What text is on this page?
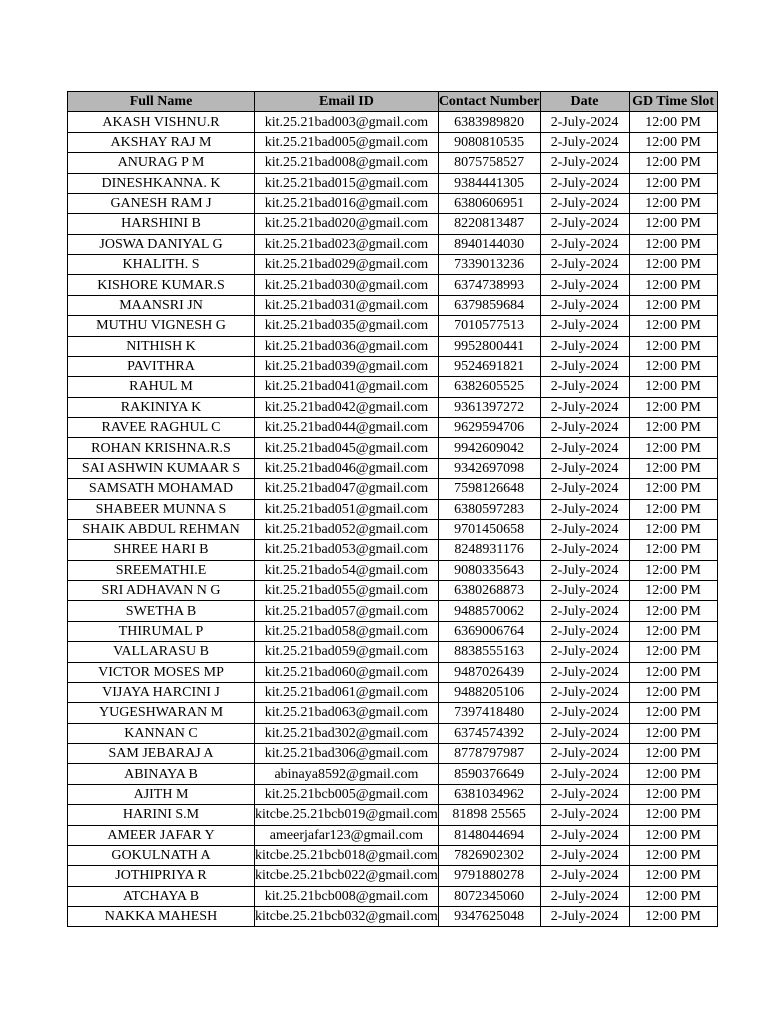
Full Name	Email ID	Contact Number	Date	GD Time Slot
AKASH VISHNU.R	kit.25.21bad003@gmail.com	6383989820	2-July-2024	12:00 PM
AKSHAY RAJ M	kit.25.21bad005@gmail.com	9080810535	2-July-2024	12:00 PM
ANURAG P M	kit.25.21bad008@gmail.com	8075758527	2-July-2024	12:00 PM
DINESHKANNA. K	kit.25.21bad015@gmail.com	9384441305	2-July-2024	12:00 PM
GANESH RAM J	kit.25.21bad016@gmail.com	6380606951	2-July-2024	12:00 PM
HARSHINI B	kit.25.21bad020@gmail.com	8220813487	2-July-2024	12:00 PM
JOSWA DANIYAL G	kit.25.21bad023@gmail.com	8940144030	2-July-2024	12:00 PM
KHALITH. S	kit.25.21bad029@gmail.com	7339013236	2-July-2024	12:00 PM
KISHORE KUMAR.S	kit.25.21bad030@gmail.com	6374738993	2-July-2024	12:00 PM
MAANSRI JN	kit.25.21bad031@gmail.com	6379859684	2-July-2024	12:00 PM
MUTHU VIGNESH G	kit.25.21bad035@gmail.com	7010577513	2-July-2024	12:00 PM
NITHISH K	kit.25.21bad036@gmail.com	9952800441	2-July-2024	12:00 PM
PAVITHRA	kit.25.21bad039@gmail.com	9524691821	2-July-2024	12:00 PM
RAHUL M	kit.25.21bad041@gmail.com	6382605525	2-July-2024	12:00 PM
RAKINIYA K	kit.25.21bad042@gmail.com	9361397272	2-July-2024	12:00 PM
RAVEE RAGHUL C	kit.25.21bad044@gmail.com	9629594706	2-July-2024	12:00 PM
ROHAN KRISHNA.R.S	kit.25.21bad045@gmail.com	9942609042	2-July-2024	12:00 PM
SAI ASHWIN KUMAAR S	kit.25.21bad046@gmail.com	9342697098	2-July-2024	12:00 PM
SAMSATH MOHAMAD	kit.25.21bad047@gmail.com	7598126648	2-July-2024	12:00 PM
SHABEER MUNNA S	kit.25.21bad051@gmail.com	6380597283	2-July-2024	12:00 PM
SHAIK ABDUL REHMAN	kit.25.21bad052@gmail.com	9701450658	2-July-2024	12:00 PM
SHREE HARI B	kit.25.21bad053@gmail.com	8248931176	2-July-2024	12:00 PM
SREEMATHI.E	kit.25.21bado54@gmail.com	9080335643	2-July-2024	12:00 PM
SRI ADHAVAN N G	kit.25.21bad055@gmail.com	6380268873	2-July-2024	12:00 PM
SWETHA B	kit.25.21bad057@gmail.com	9488570062	2-July-2024	12:00 PM
THIRUMAL P	kit.25.21bad058@gmail.com	6369006764	2-July-2024	12:00 PM
VALLARASU B	kit.25.21bad059@gmail.com	8838555163	2-July-2024	12:00 PM
VICTOR MOSES MP	kit.25.21bad060@gmail.com	9487026439	2-July-2024	12:00 PM
VIJAYA HARCINI J	kit.25.21bad061@gmail.com	9488205106	2-July-2024	12:00 PM
YUGESHWARAN M	kit.25.21bad063@gmail.com	7397418480	2-July-2024	12:00 PM
KANNAN C	kit.25.21bad302@gmail.com	6374574392	2-July-2024	12:00 PM
SAM JEBARAJ A	kit.25.21bad306@gmail.com	8778797987	2-July-2024	12:00 PM
ABINAYA B	abinaya8592@gmail.com	8590376649	2-July-2024	12:00 PM
AJITH M	kit.25.21bcb005@gmail.com	6381034962	2-July-2024	12:00 PM
HARINI S.M	kitcbe.25.21bcb019@gmail.com	81898 25565	2-July-2024	12:00 PM
AMEER JAFAR Y	ameerjafar123@gmail.com	8148044694	2-July-2024	12:00 PM
GOKULNATH A	kitcbe.25.21bcb018@gmail.com	7826902302	2-July-2024	12:00 PM
JOTHIPRIYA R	kitcbe.25.21bcb022@gmail.com	9791880278	2-July-2024	12:00 PM
ATCHAYA B	kit.25.21bcb008@gmail.com	8072345060	2-July-2024	12:00 PM
NAKKA MAHESH	kitcbe.25.21bcb032@gmail.com	9347625048	2-July-2024	12:00 PM
